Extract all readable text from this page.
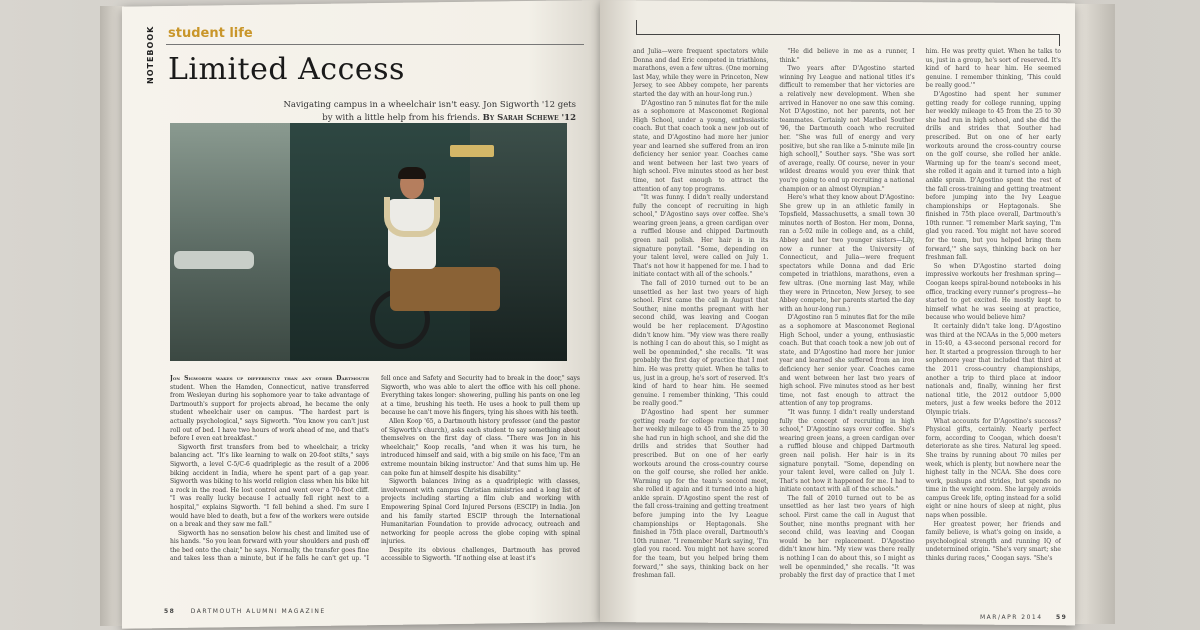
NOTEBOOK student life
Limited Access
Navigating campus in a wheelchair isn't easy. Jon Sigworth '12 gets by with a little help from his friends. By Sarah Schewe '12

Jon Sigworth wakes up differently than any other Dartmouth student. When the Hamden, Connecticut, native transferred from Wesleyan during his sophomore year to take advantage of Dartmouth's support for projects abroad, he became the only student wheelchair user on campus. "The hardest part is actually psychological," says Sigworth. "You know you can't just roll out of bed. I have two hours of work ahead of me, and that's before I even eat breakfast."

Sigworth first transfers from bed to wheelchair, a tricky balancing act. "It's like learning to walk on 20-foot stilts," says Sigworth, a level C-5/C-6 quadriplegic as the result of a 2006 biking accident in India, where he spent part of a gap year. Sigworth was biking to his world religion class when his bike hit a rock in the road. He lost control and went over a 70-foot cliff. "I was really lucky because I actually fell right next to a hospital," explains Sigworth. "I fell behind a shed. I'm sure I would have bled to death, but a few of the workers were outside on a break and they saw me fall."

Sigworth has no sensation below his chest and limited use of his hands. "So you lean forward with your shoulders and push off the bed onto the chair," he says. Normally, the transfer goes fine and takes less than a minute, but if he falls he can't get up. "I fell once and Safety and Security had to break in the door," says Sigworth, who was able to alert the office with his cell phone. Everything takes longer: showering, pulling his pants on one leg at a time, brushing his teeth. He uses a hook to pull them up because he can't move his fingers, tying his shoes with his teeth.

Allen Koop '65, a Dartmouth history professor (and the pastor of Sigworth's church), asks each student to say something about themselves on the first day of class. "There was Jon in his wheelchair," Koop recalls, "and when it was his turn, he introduced himself and said, with a big smile on his face, 'I'm an extreme mountain biking instructor.' And that sums him up. He can poke fun at himself despite his disability."

Sigworth balances living as a quadriplegic with classes, involvement with campus Christian ministries and a long list of projects including starting a film club and working with Empowering Spinal Cord Injured Persons (ESCIP) in India. Jon and his family started ESCIP through the International Humanitarian Foundation to provide advocacy, outreach and networking for people across the globe coping with spinal injuries.

Despite its obvious challenges, Dartmouth has proved accessible to Sigworth. "If nothing else at least it's

58	DARTMOUTH ALUMNI MAGAZINE

and Julia—were frequent spectators while Donna and dad Eric competed in triathlons, marathons, even a few ultras. (One morning last May, while they were in Princeton, New Jersey, to see Abbey compete, her parents started the day with an hour-long run.)

D'Agostino ran 5 minutes flat for the mile as a sophomore at Masconomet Regional High School, under a young, enthusiastic coach. But that coach took a new job out of state, and D'Agostino had more her junior year and learned she suffered from an iron deficiency her senior year. Coaches came and went between her last two years of high school. Five minutes stood as her best time, not fast enough to attract the attention of any top programs.

"It was funny. I didn't really understand fully the concept of recruiting in high school," D'Agostino says over coffee. She's wearing green jeans, a green cardigan over a ruffled blouse and chipped Dartmouth green nail polish. Her hair is in its signature ponytail. "Some, depending on your talent level, were called on July 1. That's not how it happened for me. I had to initiate contact with all of the schools."

The fall of 2010 turned out to be an unsettled as her last two years of high school. First came the call in August that Souther, nine months pregnant with her second child, was leaving and Coogan would be her replacement. D'Agostino didn't know him. "My view was there really is nothing I can do about this, so I might as well be openminded," she recalls. "It was probably the first day of practice that I met him. He was pretty quiet. When he talks to us, just in a group, he's sort of reserved. It's kind of hard to hear him. He seemed genuine. I remember thinking, 'This could be really good.'"

D'Agostino had spent her summer getting ready for college running, upping her weekly mileage to 45 from the 25 to 30 she had run in high school, and she did the drills and strides that Souther had prescribed. But on one of her early workouts around the cross-country course on the golf course, she rolled her ankle. Warming up for the team's second meet, she rolled it again and it turned into a high ankle sprain. D'Agostino spent the rest of the fall cross-training and getting treatment before jumping into the Ivy League championships or Heptagonals. She finished in 75th place overall, Dartmouth's 10th runner. "I remember Mark saying, 'I'm glad you raced. You might not have scored for the team, but you helped bring them forward,'" she says, thinking back on her freshman fall.

"He did believe in me as a runner, I think."

Two years after D'Agostino started winning Ivy League and national titles it's difficult to remember that her victories are a relatively new development. When she arrived in Hanover no one saw this coming. Not D'Agostino, not her parents, not her teammates. Certainly not Maribel Souther '96, the Dartmouth coach who recruited her. "She was full of energy and very positive, but she ran like a 5-minute mile [in high school]," Souther says. "She was sort of average, really. Of course, never in your wildest dreams would you ever think that you're going to end up recruiting a national champion or an almost Olympian."

Here's what they know about D'Agostino: She grew up in an athletic family in Topsfield, Massachusetts, a small town 30 minutes north of Boston. Her mom, Donna, ran a 5:02 mile in college and, as a child, Abbey and her two younger sisters—Lily, now a runner at the University of Connecticut, and Julia—were frequent spectators while Donna and dad Eric competed in triathlons, marathons, even a few ultras. (One morning last May, while they were in Princeton, New Jersey, to see Abbey compete, her parents started the day with an hour-long run.)

D'Agostino ran 5 minutes flat for the mile as a sophomore at Masconomet Regional High School, under a young, enthusiastic coach. But that coach took a new job out of state, and D'Agostino had more her junior year and learned she suffered from an iron deficiency her senior year. Coaches came and went between her last two years of high school. Five minutes stood as her best time, not fast enough to attract the attention of any top programs.

"It was funny. I didn't really understand fully the concept of recruiting in high school," D'Agostino says over coffee. She's wearing green jeans, a green cardigan over a ruffled blouse and chipped Dartmouth green nail polish. Her hair is in its signature ponytail. "Some, depending on your talent level, were called on July 1. That's not how it happened for me. I had to initiate contact with all of the schools."

The fall of 2010 turned out to be as unsettled as her last two years of high school. First came the call in August that Souther, nine months pregnant with her second child, was leaving and Coogan would be her replacement. D'Agostino didn't know him. "My view was there really is nothing I can do about this, so I might as well be openminded," she recalls. "It was probably the first day of practice that I met him. He was pretty quiet. When he talks to us, just in a group, he's sort of reserved. It's kind of hard to hear him. He seemed genuine. I remember thinking, 'This could be really good.'"

D'Agostino had spent her summer getting ready for college running, upping her weekly mileage to 45 from the 25 to 30 she had run in high school, and she did the drills and strides that Souther had prescribed. But on one of her early workouts around the cross-country course on the golf course, she rolled her ankle. Warming up for the team's second meet, she rolled it again and it turned into a high ankle sprain. D'Agostino spent the rest of the fall cross-training and getting treatment before jumping into the Ivy League championships or Heptagonals. She finished in 75th place overall, Dartmouth's 10th runner. "I remember Mark saying, 'I'm glad you raced. You might not have scored for the team, but you helped bring them forward,'" she says, thinking back on her freshman fall.

So when D'Agostino started doing impressive workouts her freshman spring—Coogan keeps spiral-bound notebooks in his office, tracking every runner's progress—he started to get excited. He mostly kept to himself what he was seeing at practice, because who would believe him?

It certainly didn't take long. D'Agostino was third at the NCAAs in the 5,000 meters in 15:40, a 43-second personal record for her. It started a progression through to her sophomore year that included that third at the 2011 cross-country championships, another a trip to third place at indoor nationals and, finally, winning her first national title, the 2012 outdoor 5,000 meters, just a few weeks before the 2012 Olympic trials.

What accounts for D'Agostino's success? Physical gifts, certainly. Nearly perfect form, according to Coogan, which doesn't deteriorate as she tires. Natural leg speed. She trains by running about 70 miles per week, which is plenty, but nowhere near the highest tally in the NCAA. She does core work, pushups and strides, but spends no time in the weight room. She largely avoids campus Greek life, opting instead for a solid eight or nine hours of sleep at night, plus naps when possible.

Her greatest power, her friends and family believe, is what's going on inside, a psychological strength and running IQ of undetermined origin. "She's very smart; she thinks during races," Coogan says. "She's

MAR/APR 2014 59
